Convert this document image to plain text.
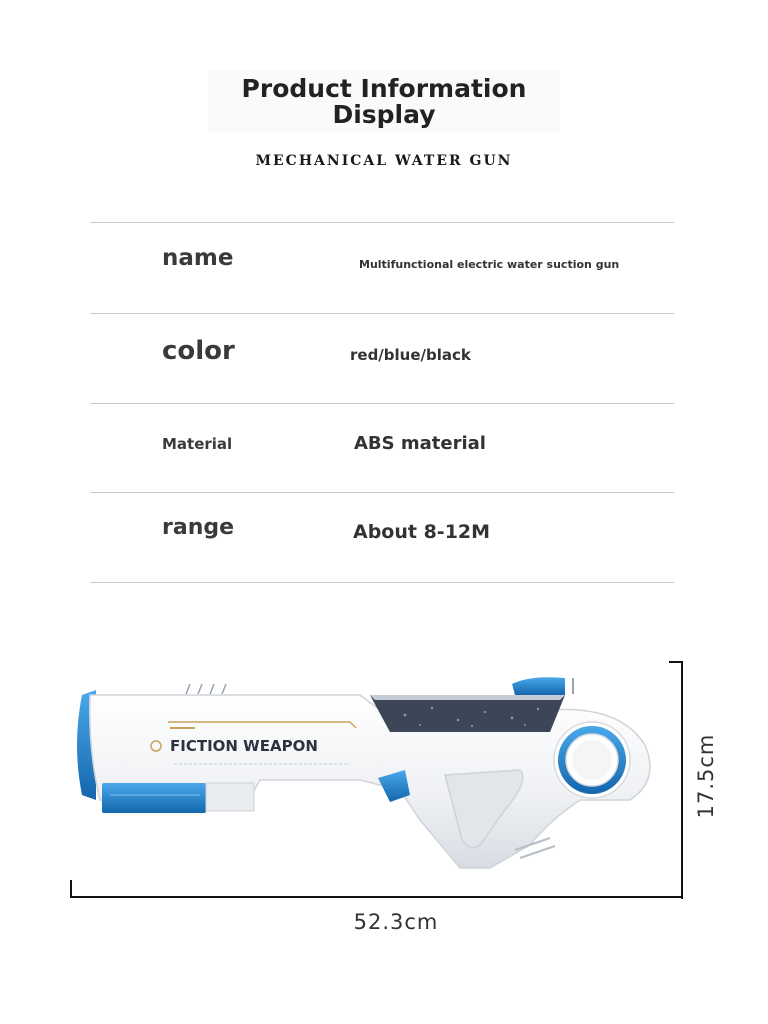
Product Information
Display
MECHANICAL WATER GUN
name	Multifunctional electric water suction gun
color	red/blue/black
Material	ABS material
range	About 8-12M
FICTION WEAPON
52.3cm
17.5cm
